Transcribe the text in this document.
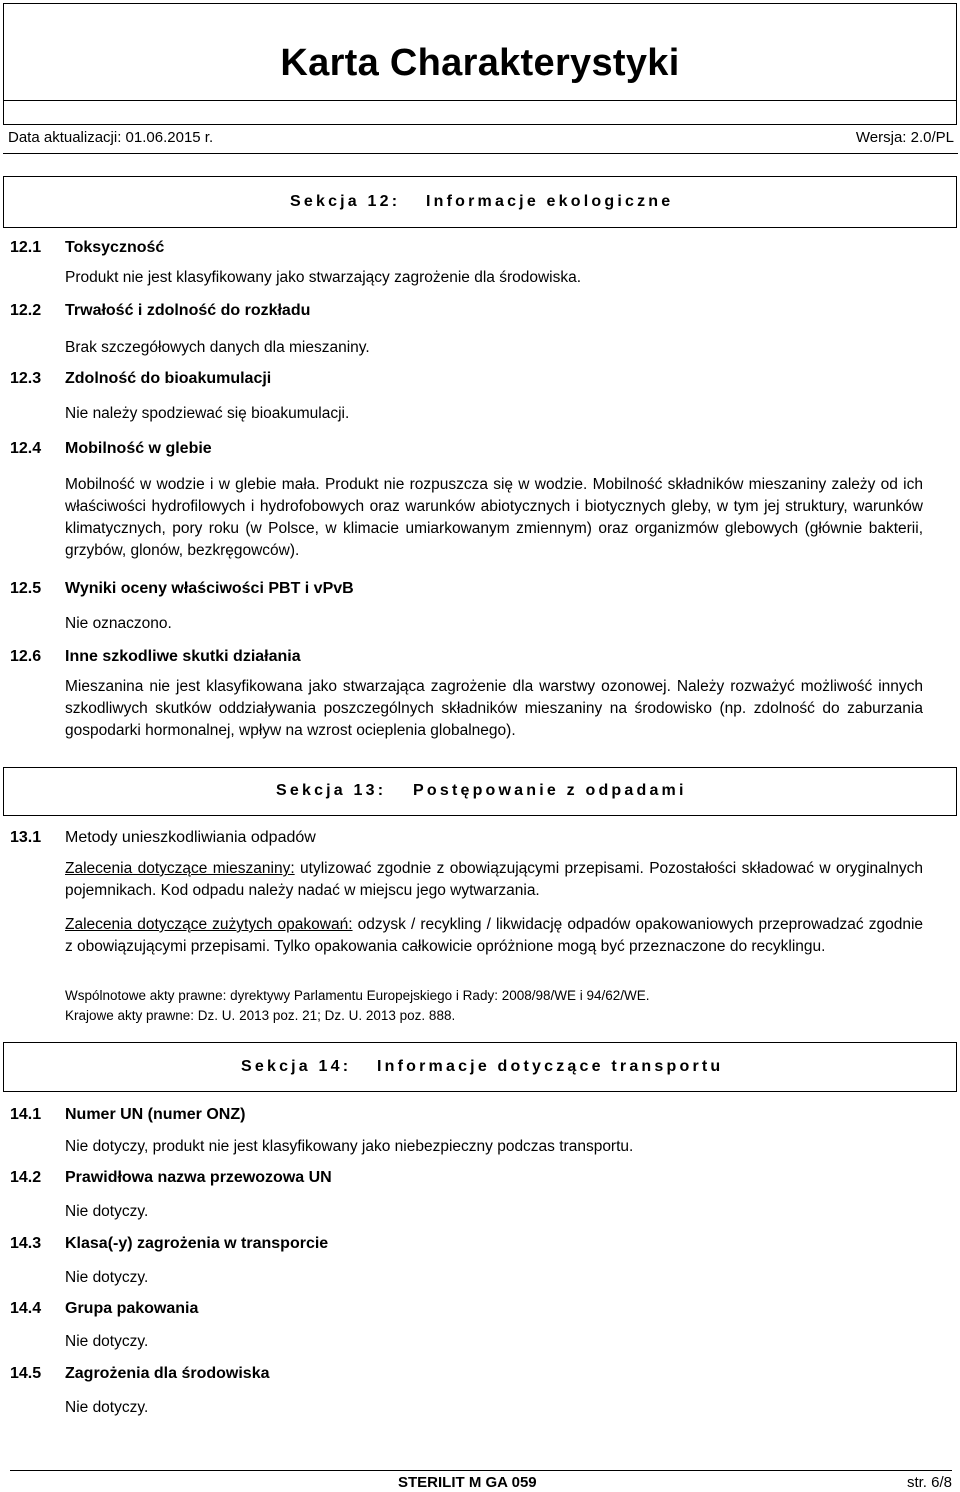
Karta Charakterystyki
Data aktualizacji: 01.06.2015 r.	Wersja: 2.0/PL
Sekcja 12: Informacje ekologiczne
12.1 Toksyczność
Produkt nie jest klasyfikowany jako stwarzający zagrożenie dla środowiska.
12.2 Trwałość i zdolność do rozkładu
Brak szczegółowych danych dla mieszaniny.
12.3 Zdolność do bioakumulacji
Nie należy spodziewać się bioakumulacji.
12.4 Mobilność w glebie
Mobilność w wodzie i w glebie mała. Produkt nie rozpuszcza się w wodzie. Mobilność składników mieszaniny zależy od ich właściwości hydrofilowych i hydrofobowych oraz warunków abiotycznych i biotycznych gleby, w tym jej struktury, warunków klimatycznych, pory roku (w Polsce, w klimacie umiarkowanym zmiennym) oraz organizmów glebowych (głównie bakterii, grzybów, glonów, bezkręgowców).
12.5 Wyniki oceny właściwości PBT i vPvB
Nie oznaczono.
12.6 Inne szkodliwe skutki działania
Mieszanina nie jest klasyfikowana jako stwarzająca zagrożenie dla warstwy ozonowej. Należy rozważyć możliwość innych szkodliwych skutków oddziaływania poszczególnych składników mieszaniny na środowisko (np. zdolność do zaburzania gospodarki hormonalnej, wpływ na wzrost ocieplenia globalnego).
Sekcja 13: Postępowanie z odpadami
13.1 Metody unieszkodliwiania odpadów
Zalecenia dotyczące mieszaniny: utylizować zgodnie z obowiązującymi przepisami. Pozostałości składować w oryginalnych pojemnikach. Kod odpadu należy nadać w miejscu jego wytwarzania.
Zalecenia dotyczące zużytych opakowań: odzysk / recykling / likwidację odpadów opakowaniowych przeprowadzać zgodnie z obowiązującymi przepisami. Tylko opakowania całkowicie opróżnione mogą być przeznaczone do recyklingu.
Wspólnotowe akty prawne: dyrektywy Parlamentu Europejskiego i Rady: 2008/98/WE i 94/62/WE.
Krajowe akty prawne: Dz. U. 2013 poz. 21; Dz. U. 2013 poz. 888.
Sekcja 14: Informacje dotyczące transportu
14.1 Numer UN (numer ONZ)
Nie dotyczy, produkt nie jest klasyfikowany jako niebezpieczny podczas transportu.
14.2 Prawidłowa nazwa przewozowa UN
Nie dotyczy.
14.3 Klasa(-y) zagrożenia w transporcie
Nie dotyczy.
14.4 Grupa pakowania
Nie dotyczy.
14.5 Zagrożenia dla środowiska
Nie dotyczy.
STERILIT M GA 059	str. 6/8
